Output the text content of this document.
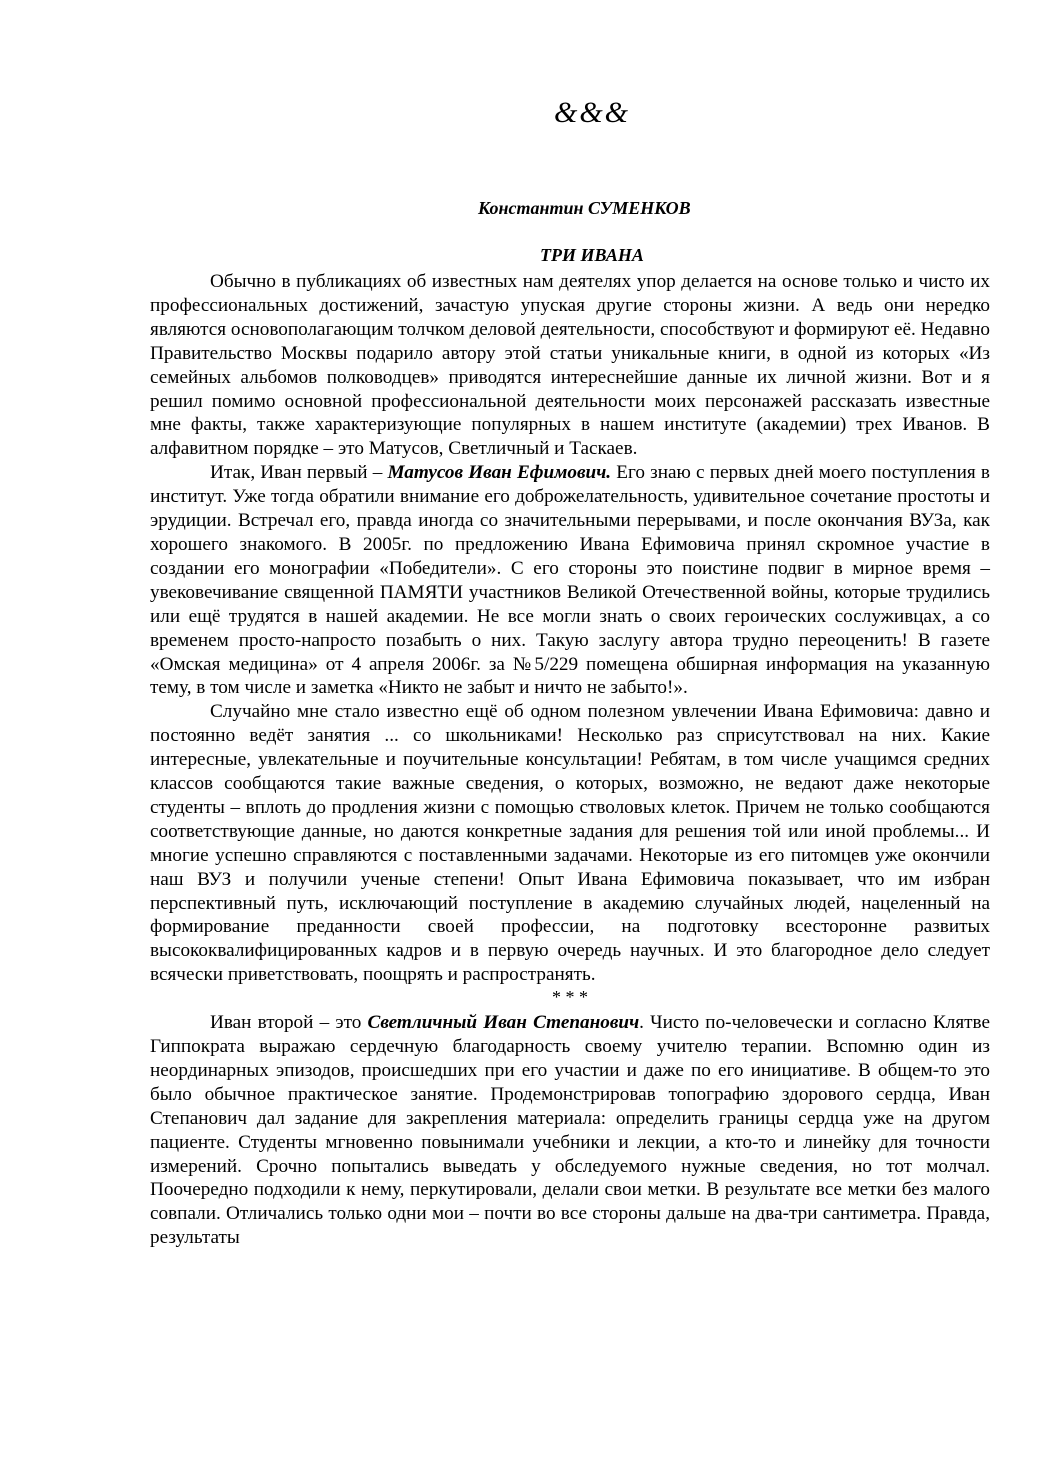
&&&
Константин СУМЕНКОВ
ТРИ ИВАНА

Обычно в публикациях об известных нам деятелях упор делается на основе только и чисто их профессиональных достижений, зачастую упуская другие стороны жизни. А ведь они нередко являются основополагающим толчком деловой деятельности, способствуют и формируют её. Недавно Правительство Москвы подарило автору этой статьи уникальные книги, в одной из которых «Из семейных альбомов полководцев» приводятся интереснейшие данные их личной жизни. Вот и я решил помимо основной профессиональной деятельности моих персонажей рассказать известные мне факты, также характеризующие популярных в нашем институте (академии) трех Иванов. В алфавитном порядке – это Матусов, Светличный и Таскаев.

Итак, Иван первый – Матусов Иван Ефимович. Его знаю с первых дней моего поступления в институт. Уже тогда обратили внимание его доброжелательность, удивительное сочетание простоты и эрудиции. Встречал его, правда иногда со значительными перерывами, и после окончания ВУЗа, как хорошего знакомого. В 2005г. по предложению Ивана Ефимовича принял скромное участие в создании его монографии «Победители». С его стороны это поистине подвиг в мирное время – увековечивание священной ПАМЯТИ участников Великой Отечественной войны, которые трудились или ещё трудятся в нашей академии. Не все могли знать о своих героических сослуживцах, а со временем просто-напросто позабыть о них. Такую заслугу автора трудно переоценить! В газете «Омская медицина» от 4 апреля 2006г. за №5/229 помещена обширная информация на указанную тему, в том числе и заметка «Никто не забыт и ничто не забыто!».

Случайно мне стало известно ещё об одном полезном увлечении Ивана Ефимовича: давно и постоянно ведёт занятия ... со школьниками! Несколько раз сприсутствовал на них. Какие интересные, увлекательные и поучительные консультации! Ребятам, в том числе учащимся средних классов сообщаются такие важные сведения, о которых, возможно, не ведают даже некоторые студенты – вплоть до продления жизни с помощью стволовых клеток. Причем не только сообщаются соответствующие данные, но даются конкретные задания для решения той или иной проблемы... И многие успешно справляются с поставленными задачами. Некоторые из его питомцев уже окончили наш ВУЗ и получили ученые степени! Опыт Ивана Ефимовича показывает, что им избран перспективный путь, исключающий поступление в академию случайных людей, нацеленный на формирование преданности своей профессии, на подготовку всесторонне развитых высококвалифицированных кадров и в первую очередь научных. И это благородное дело следует всячески приветствовать, поощрять и распространять.

* * *

Иван второй – это Светличный Иван Степанович. Чисто по-человечески и согласно Клятве Гиппократа выражаю сердечную благодарность своему учителю терапии. Вспомню один из неординарных эпизодов, происшедших при его участии и даже по его инициативе. В общем-то это было обычное практическое занятие. Продемонстрировав топографию здорового сердца, Иван Степанович дал задание для закрепления материала: определить границы сердца уже на другом пациенте. Студенты мгновенно повынимали учебники и лекции, а кто-то и линейку для точности измерений. Срочно попытались выведать у обследуемого нужные сведения, но тот молчал. Поочередно подходили к нему, перкутировали, делали свои метки. В результате все метки без малого совпали. Отличались только одни мои – почти во все стороны дальше на два-три сантиметра. Правда, результаты
